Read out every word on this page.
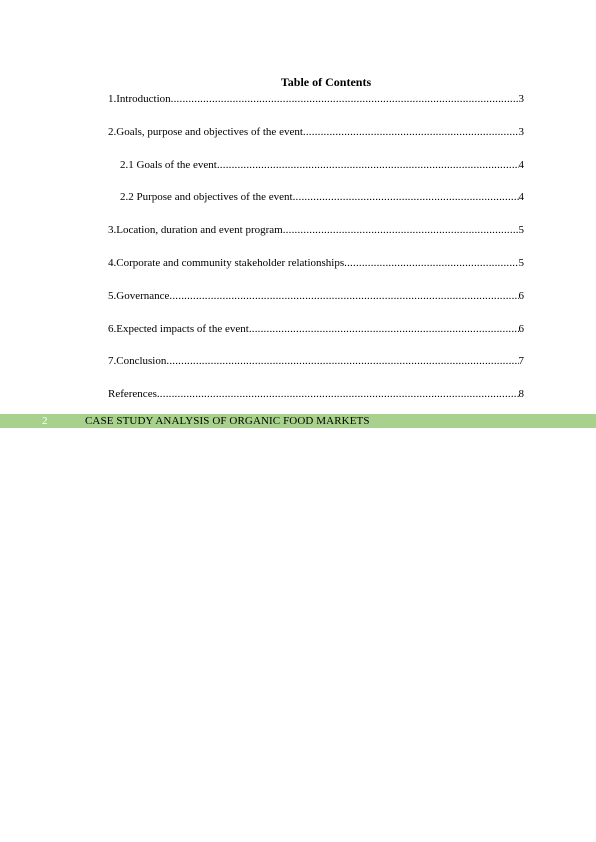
Table of Contents
1.Introduction .....	3
2.Goals, purpose and objectives of the event .....	3
2.1 Goals of the event .....	4
2.2 Purpose and objectives of the event .....	4
3.Location, duration and event program .....	5
4.Corporate and community stakeholder relationships .....	5
5.Governance .....	6
6.Expected impacts of the event .....	6
7.Conclusion .....	7
References .....	8
2	CASE STUDY ANALYSIS OF ORGANIC FOOD MARKETS
